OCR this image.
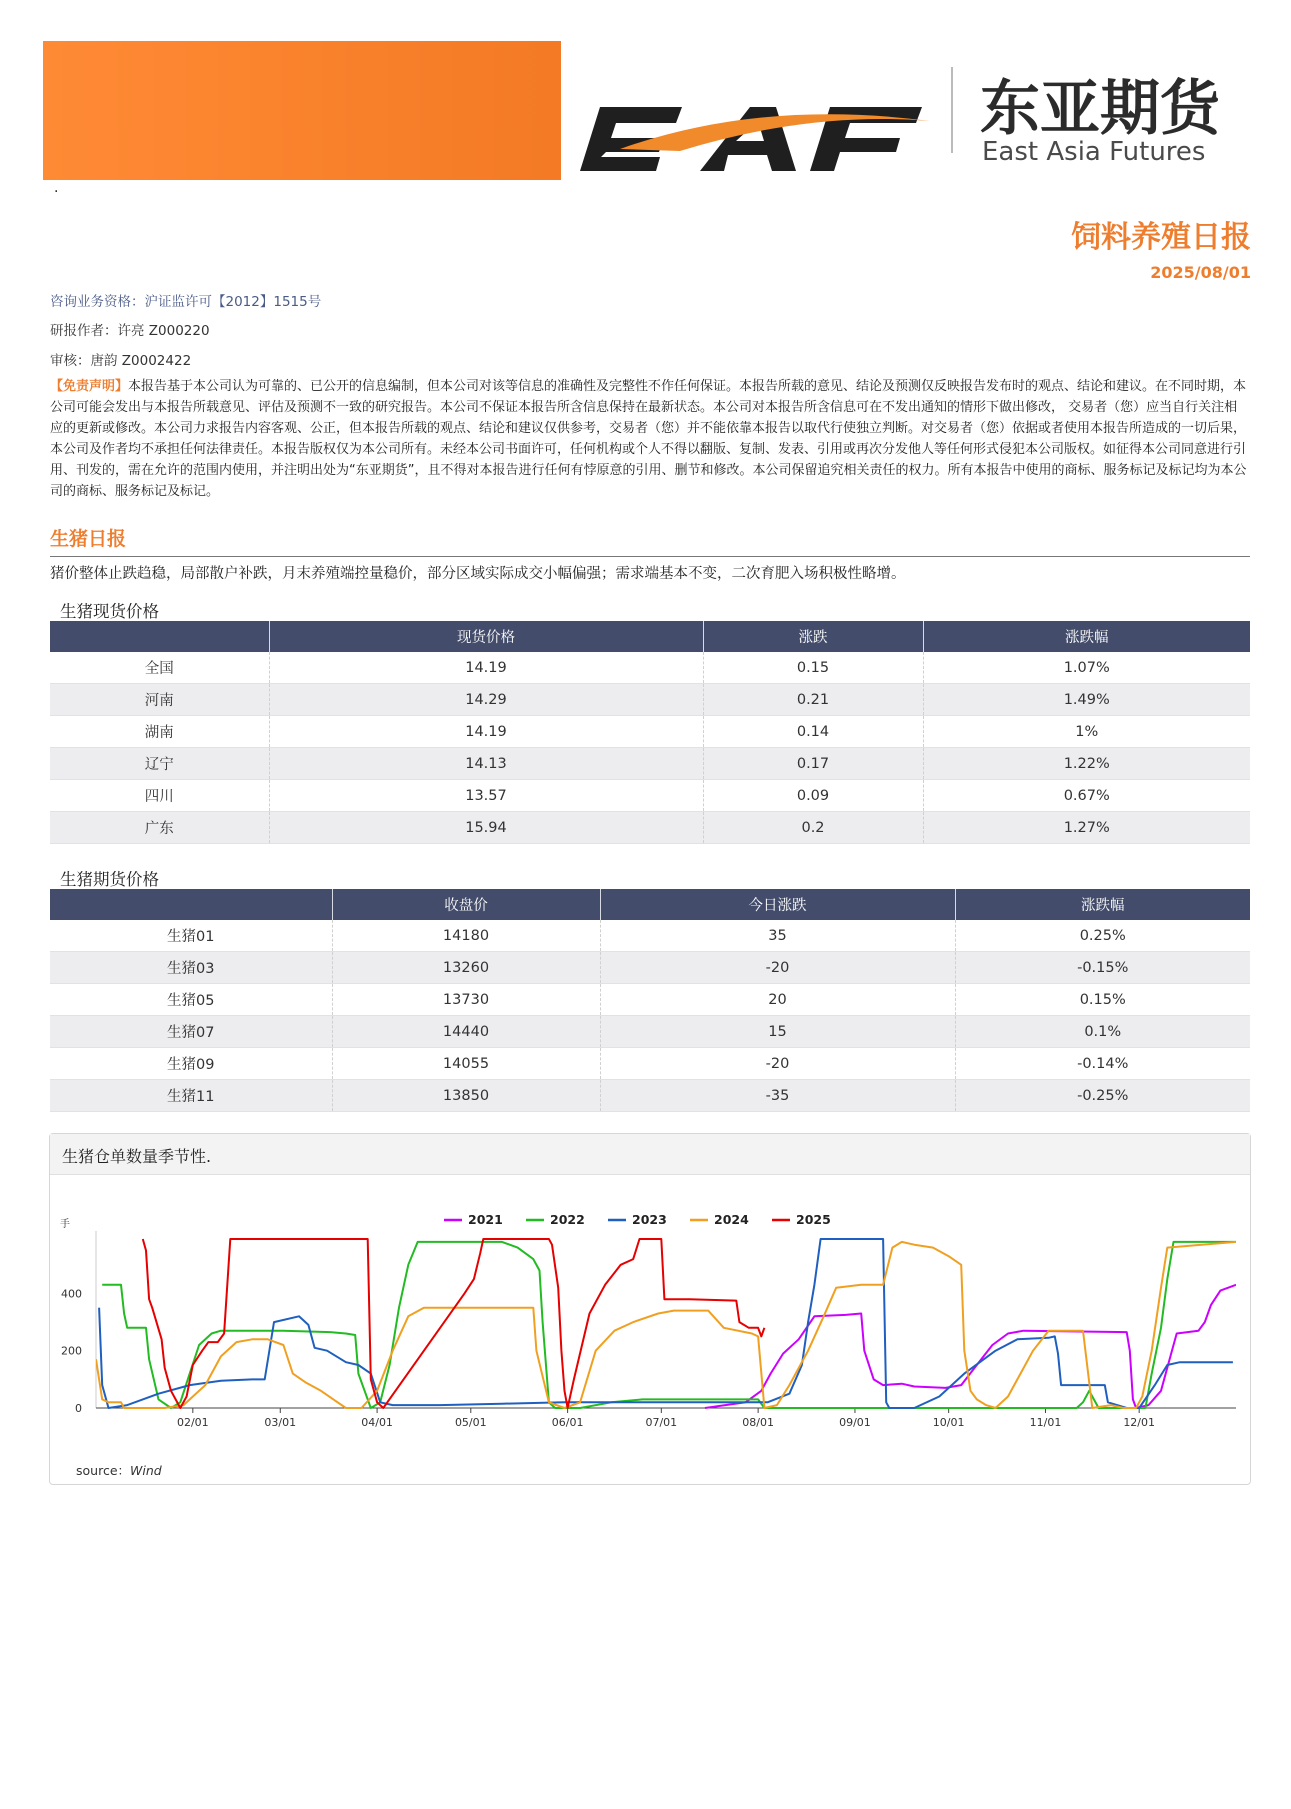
东亚期货
East Asia Futures
.
饲料养殖日报
2025/08/01
咨询业务资格：沪证监许可【2012】1515号
研报作者：许亮 Z000220
审核：唐韵 Z0002422
【免责声明】本报告基于本公司认为可靠的、已公开的信息编制，但本公司对该等信息的准确性及完整性不作任何保证。本报告所载的意见、结论及预测仅反映报告发布时的观点、结论和建议。在不同时期，本公司可能会发出与本报告所载意见、评估及预测不一致的研究报告。本公司不保证本报告所含信息保持在最新状态。本公司对本报告所含信息可在不发出通知的情形下做出修改， 交易者（您）应当自行关注相应的更新或修改。本公司力求报告内容客观、公正，但本报告所载的观点、结论和建议仅供参考，交易者（您）并不能依靠本报告以取代行使独立判断。对交易者（您）依据或者使用本报告所造成的一切后果，本公司及作者均不承担任何法律责任。本报告版权仅为本公司所有。未经本公司书面许可，任何机构或个人不得以翻版、复制、发表、引用或再次分发他人等任何形式侵犯本公司版权。如征得本公司同意进行引用、刊发的，需在允许的范围内使用，并注明出处为“东亚期货”，且不得对本报告进行任何有悖原意的引用、删节和修改。本公司保留追究相关责任的权力。所有本报告中使用的商标、服务标记及标记均为本公司的商标、服务标记及标记。
生猪日报
猪价整体止跌趋稳，局部散户补跌，月末养殖端控量稳价，部分区域实际成交小幅偏强；需求端基本不变，二次育肥入场积极性略增。
生猪现货价格
	现货价格	涨跌	涨跌幅
全国	14.19	0.15	1.07%
河南	14.29	0.21	1.49%
湖南	14.19	0.14	1%
辽宁	14.13	0.17	1.22%
四川	13.57	0.09	0.67%
广东	15.94	0.2	1.27%
生猪期货价格
	收盘价	今日涨跌	涨跌幅
生猪01	14180	35	0.25%
生猪03	13260	-20	-0.15%
生猪05	13730	20	0.15%
生猪07	14440	15	0.1%
生猪09	14055	-20	-0.14%
生猪11	13850	-35	-0.25%
生猪仓单数量季节性.
2021	2022	2023	2024	2025
手
0
200
400
02/01	03/01	04/01	05/01	06/01	07/01	08/01	09/01	10/01	11/01	12/01
source：Wind
